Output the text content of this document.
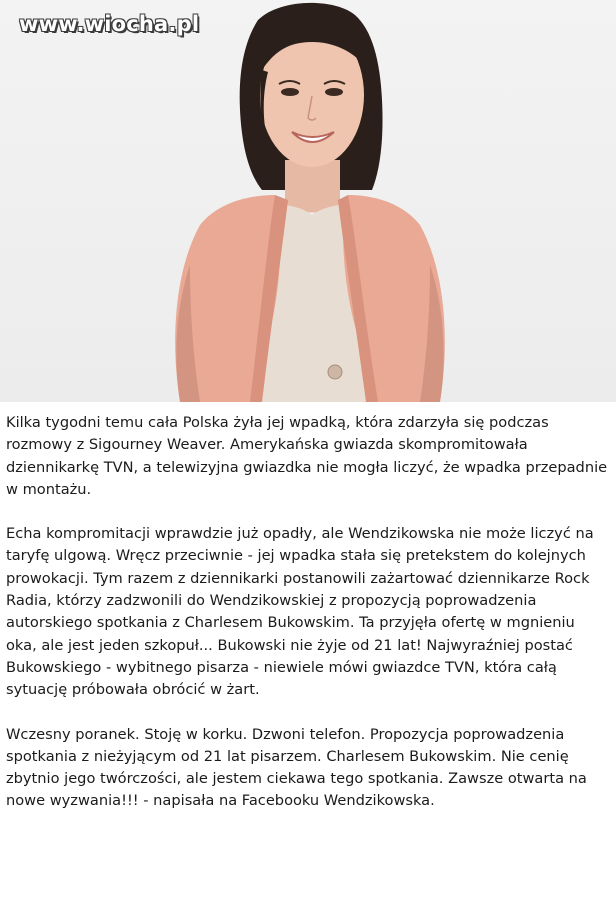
www.wiocha.pl

Kilka tygodni temu cała Polska żyła jej wpadką, która zdarzyła się podczas rozmowy z Sigourney Weaver. Amerykańska gwiazda skompromitowała dziennikarkę TVN, a telewizyjna gwiazdka nie mogła liczyć, że wpadka przepadnie w montażu.

Echa kompromitacji wprawdzie już opadły, ale Wendzikowska nie może liczyć na taryfę ulgową. Wręcz przeciwnie - jej wpadka stała się pretekstem do kolejnych prowokacji. Tym razem z dziennikarki postanowili zażartować dziennikarze Rock Radia, którzy zadzwonili do Wendzikowskiej z propozycją poprowadzenia autorskiego spotkania z Charlesem Bukowskim. Ta przyjęła ofertę w mgnieniu oka, ale jest jeden szkopuł... Bukowski nie żyje od 21 lat! Najwyraźniej postać Bukowskiego - wybitnego pisarza - niewiele mówi gwiazdce TVN, która całą sytuację próbowała obrócić w żart.

Wczesny poranek. Stoję w korku. Dzwoni telefon. Propozycja poprowadzenia spotkania z nieżyjącym od 21 lat pisarzem. Charlesem Bukowskim. Nie cenię zbytnio jego twórczości, ale jestem ciekawa tego spotkania. Zawsze otwarta na nowe wyzwania!!! - napisała na Facebooku Wendzikowska.
